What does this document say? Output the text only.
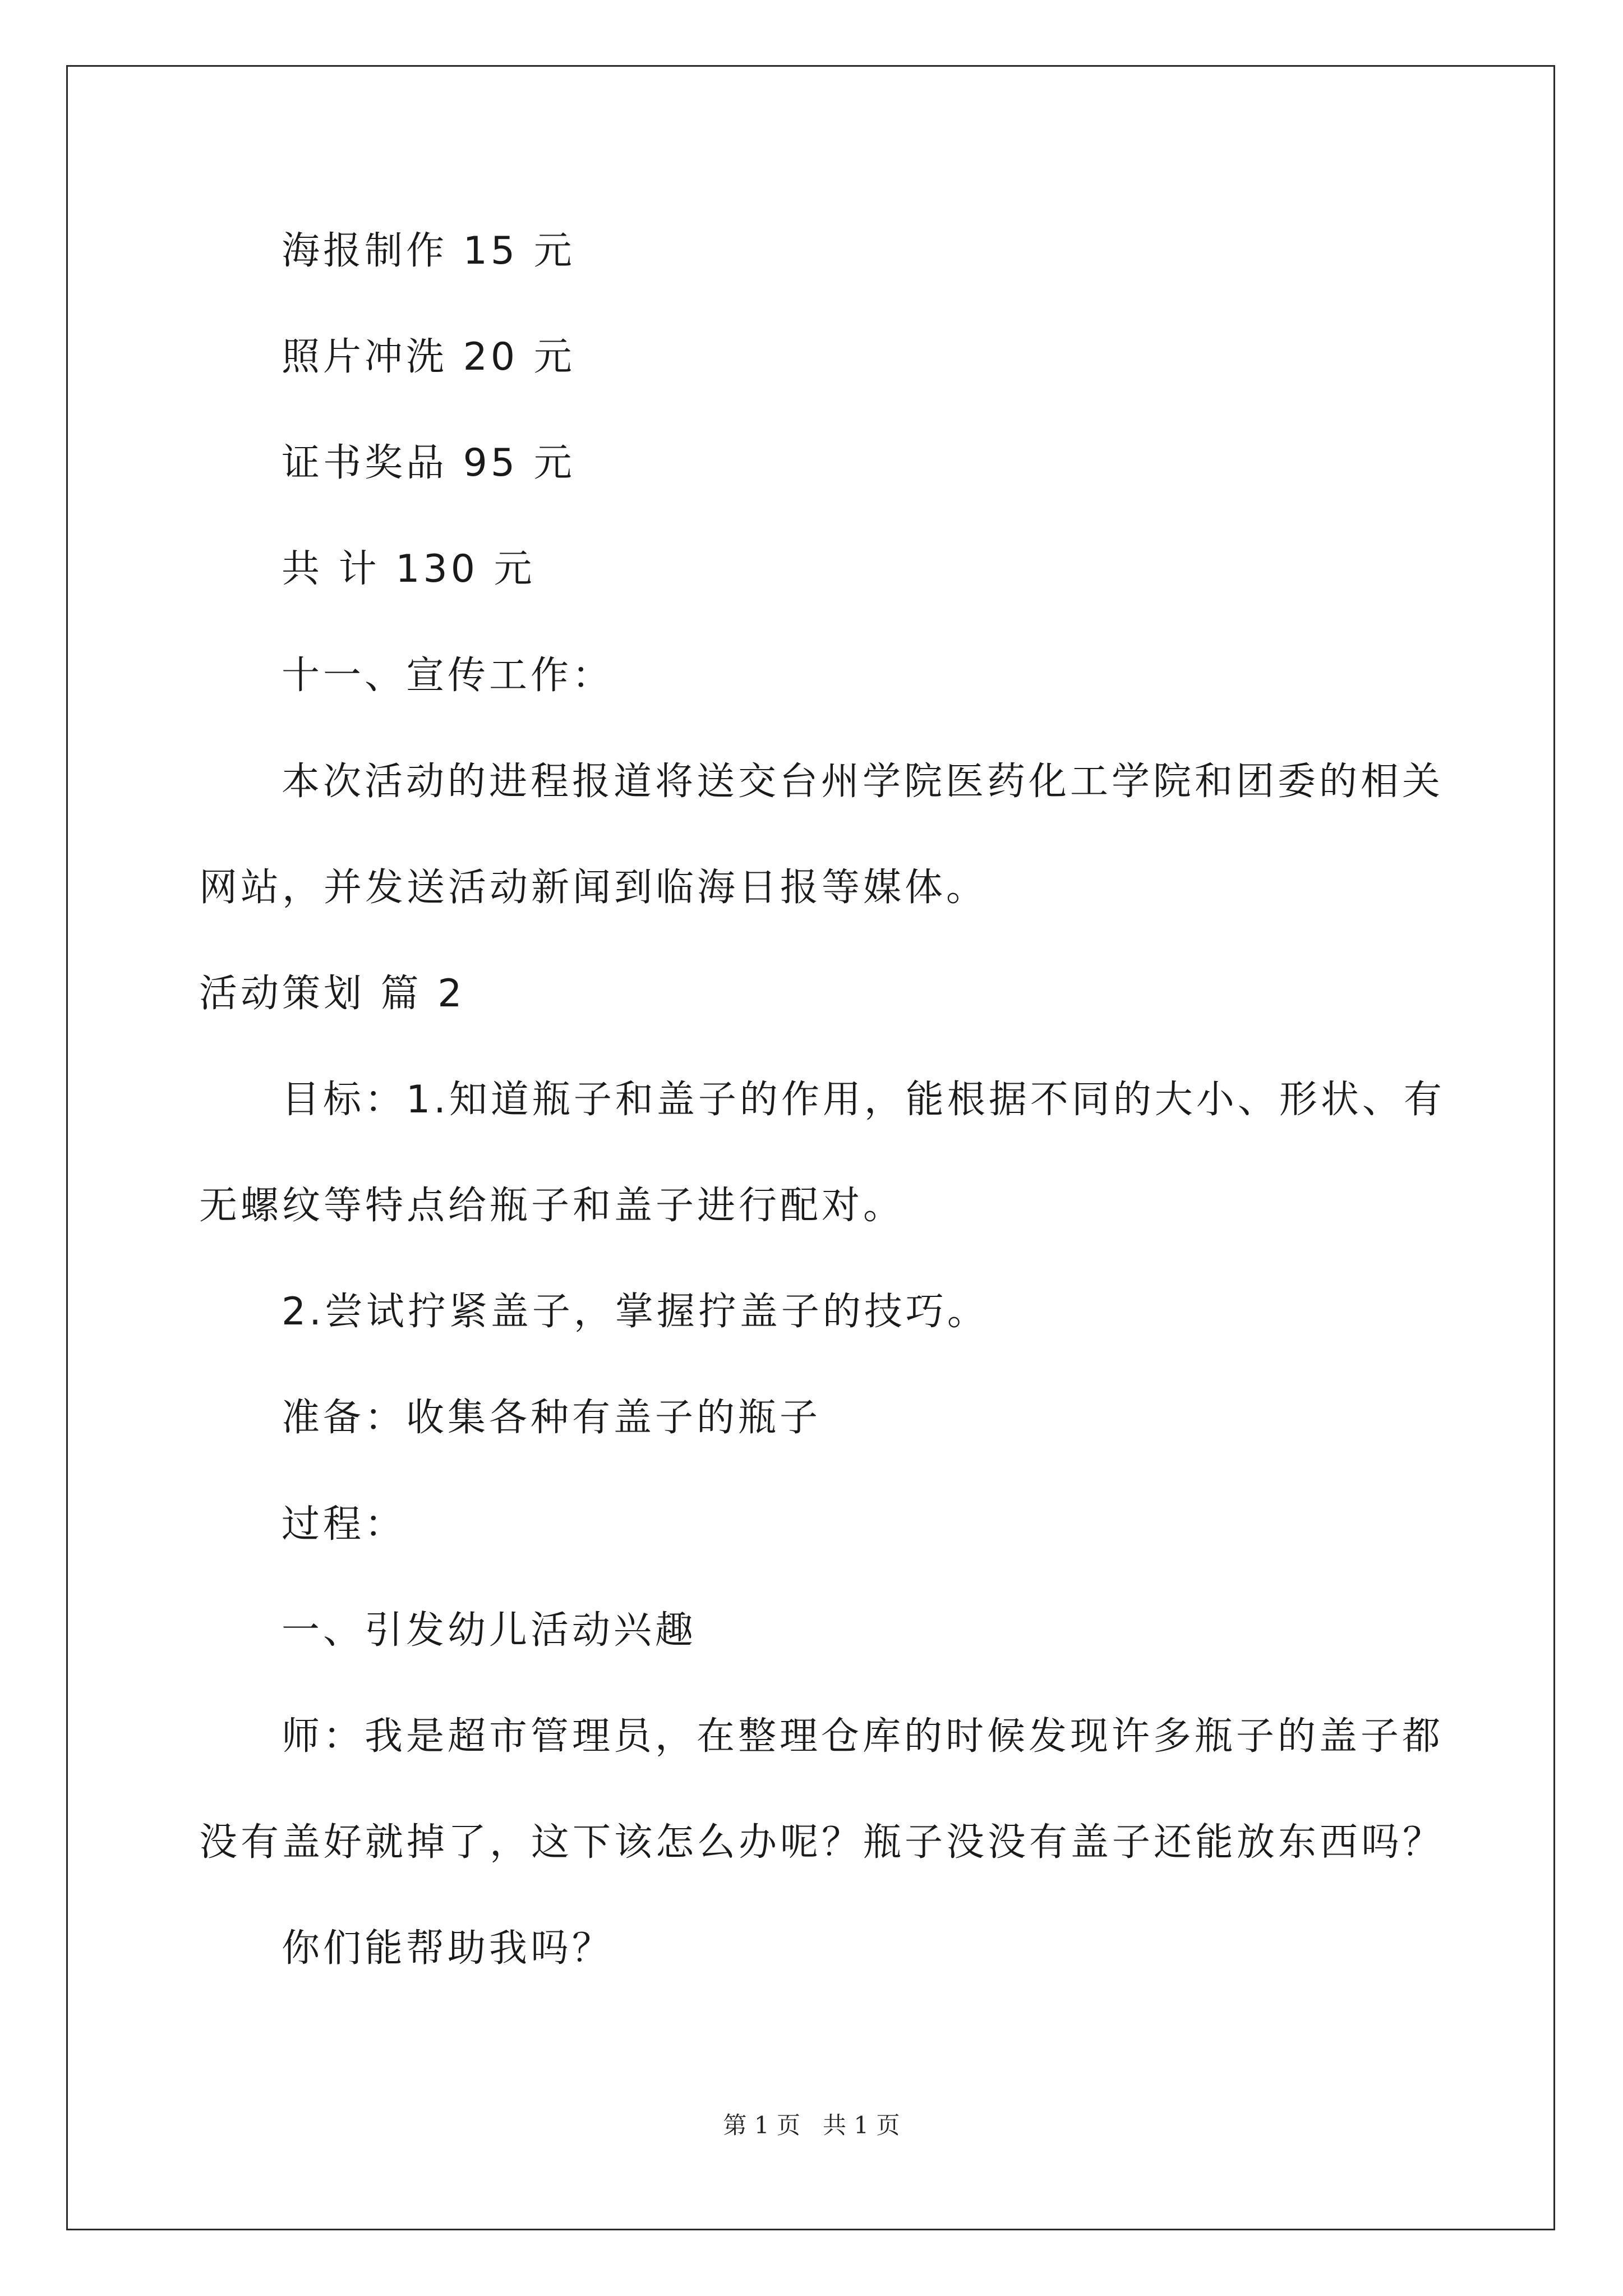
海报制作 15 元
照片冲洗 20 元
证书奖品 95 元
共 计 130 元
十一、宣传工作：
本次活动的进程报道将送交台州学院医药化工学院和团委的相关
网站，并发送活动新闻到临海日报等媒体。
活动策划 篇 2
目标：1.知道瓶子和盖子的作用，能根据不同的大小、形状、有
无螺纹等特点给瓶子和盖子进行配对。
2.尝试拧紧盖子，掌握拧盖子的技巧。
准备：收集各种有盖子的瓶子
过程：
一、引发幼儿活动兴趣
师：我是超市管理员，在整理仓库的时候发现许多瓶子的盖子都
没有盖好就掉了，这下该怎么办呢？瓶子没没有盖子还能放东西吗？
你们能帮助我吗？
第 1 页   共 1 页
